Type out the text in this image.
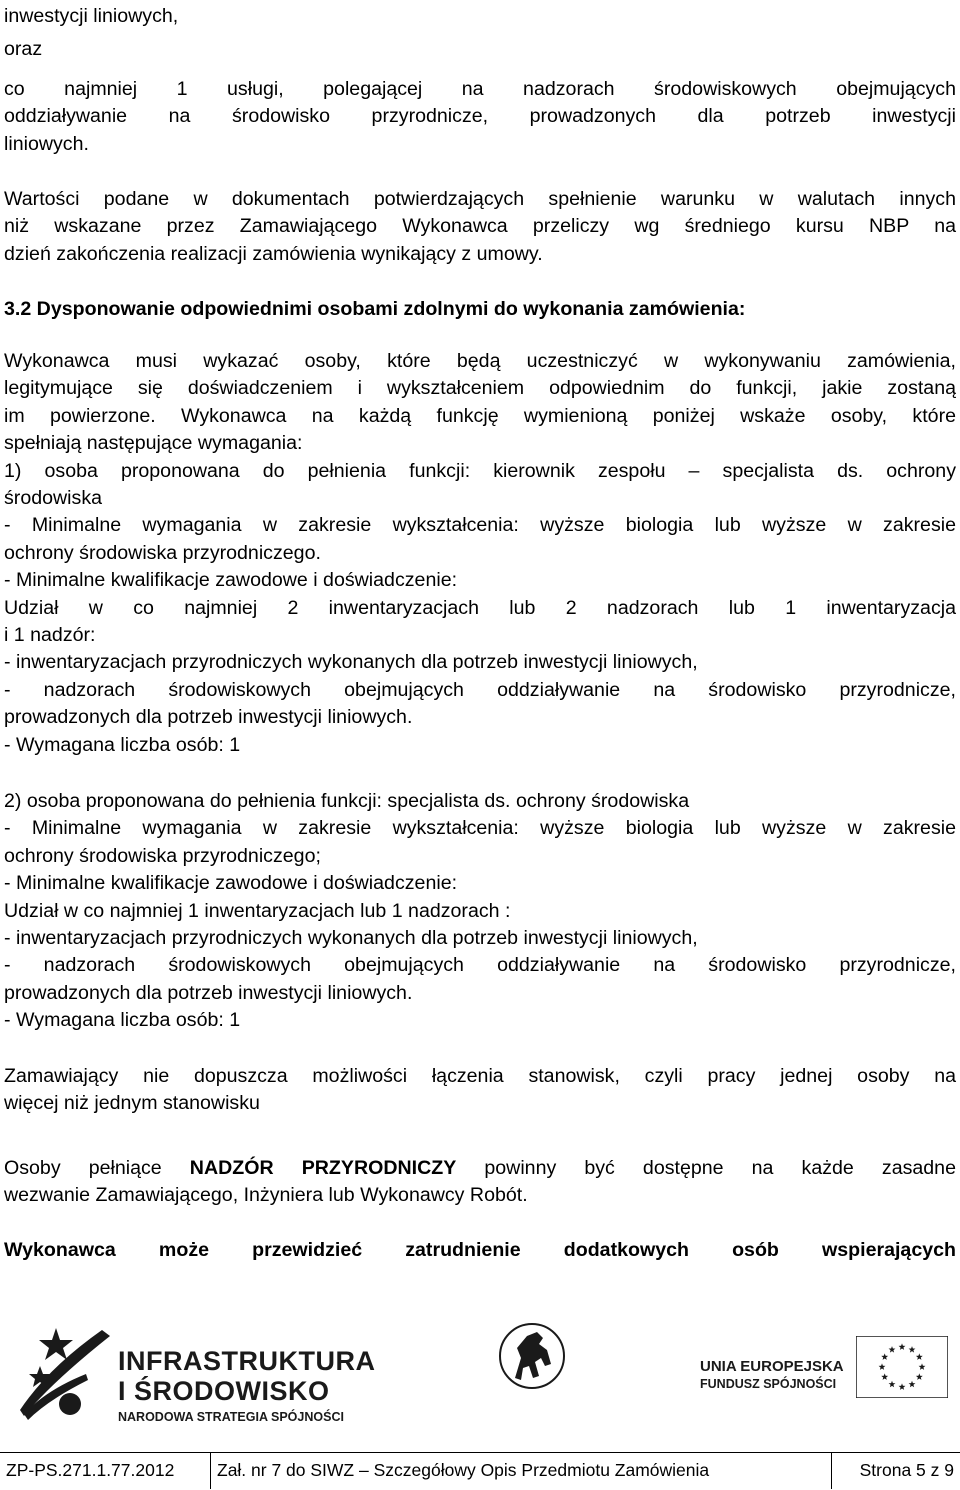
inwestycji liniowych,

oraz

co najmniej 1 usługi, polegającej na nadzorach środowiskowych obejmujących
oddziaływanie na środowisko przyrodnicze, prowadzonych dla potrzeb inwestycji
liniowych.

Wartości podane w dokumentach potwierdzających spełnienie warunku w walutach innych
niż wskazane przez Zamawiającego Wykonawca przeliczy wg średniego kursu NBP na
dzień zakończenia realizacji zamówienia wynikający z umowy.

3.2 Dysponowanie odpowiednimi osobami zdolnymi do wykonania zamówienia:

Wykonawca musi wykazać osoby, które będą uczestniczyć w wykonywaniu zamówienia,
legitymujące się doświadczeniem i wykształceniem odpowiednim do funkcji, jakie zostaną
im powierzone. Wykonawca na każdą funkcję wymienioną poniżej wskaże osoby, które
spełniają następujące wymagania:
1) osoba proponowana do pełnienia funkcji: kierownik zespołu – specjalista ds. ochrony
środowiska
- Minimalne wymagania w zakresie wykształcenia: wyższe biologia lub wyższe w zakresie
ochrony środowiska przyrodniczego.
- Minimalne kwalifikacje zawodowe i doświadczenie:
Udział w co najmniej 2 inwentaryzacjach lub 2 nadzorach lub 1 inwentaryzacja
i 1 nadzór:
- inwentaryzacjach przyrodniczych wykonanych dla potrzeb inwestycji liniowych,
- nadzorach środowiskowych obejmujących oddziaływanie na środowisko przyrodnicze,
prowadzonych dla potrzeb inwestycji liniowych.
- Wymagana liczba osób: 1

2) osoba proponowana do pełnienia funkcji: specjalista ds. ochrony środowiska
- Minimalne wymagania w zakresie wykształcenia: wyższe biologia lub wyższe w zakresie
ochrony środowiska przyrodniczego;
- Minimalne kwalifikacje zawodowe i doświadczenie:
Udział w co najmniej 1 inwentaryzacjach lub 1 nadzorach :
- inwentaryzacjach przyrodniczych wykonanych dla potrzeb inwestycji liniowych,
- nadzorach środowiskowych obejmujących oddziaływanie na środowisko przyrodnicze,
prowadzonych dla potrzeb inwestycji liniowych.
- Wymagana liczba osób: 1

Zamawiający nie dopuszcza możliwości łączenia stanowisk, czyli pracy jednej osoby na
więcej niż jednym stanowisku

Osoby pełniące NADZÓR PRZYRODNICZY powinny być dostępne na każde zasadne
wezwanie Zamawiającego, Inżyniera lub Wykonawcy Robót.

Wykonawca może przewidzieć zatrudnienie dodatkowych osób wspierających

INFRASTRUKTURA
I ŚRODOWISKO
NARODOWA STRATEGIA SPÓJNOŚCI
UNIA EUROPEJSKA
FUNDUSZ SPÓJNOŚCI
ZP-PS.271.1.77.2012	Zał. nr 7 do SIWZ – Szczegółowy Opis Przedmiotu Zamówienia	Strona 5 z 9
